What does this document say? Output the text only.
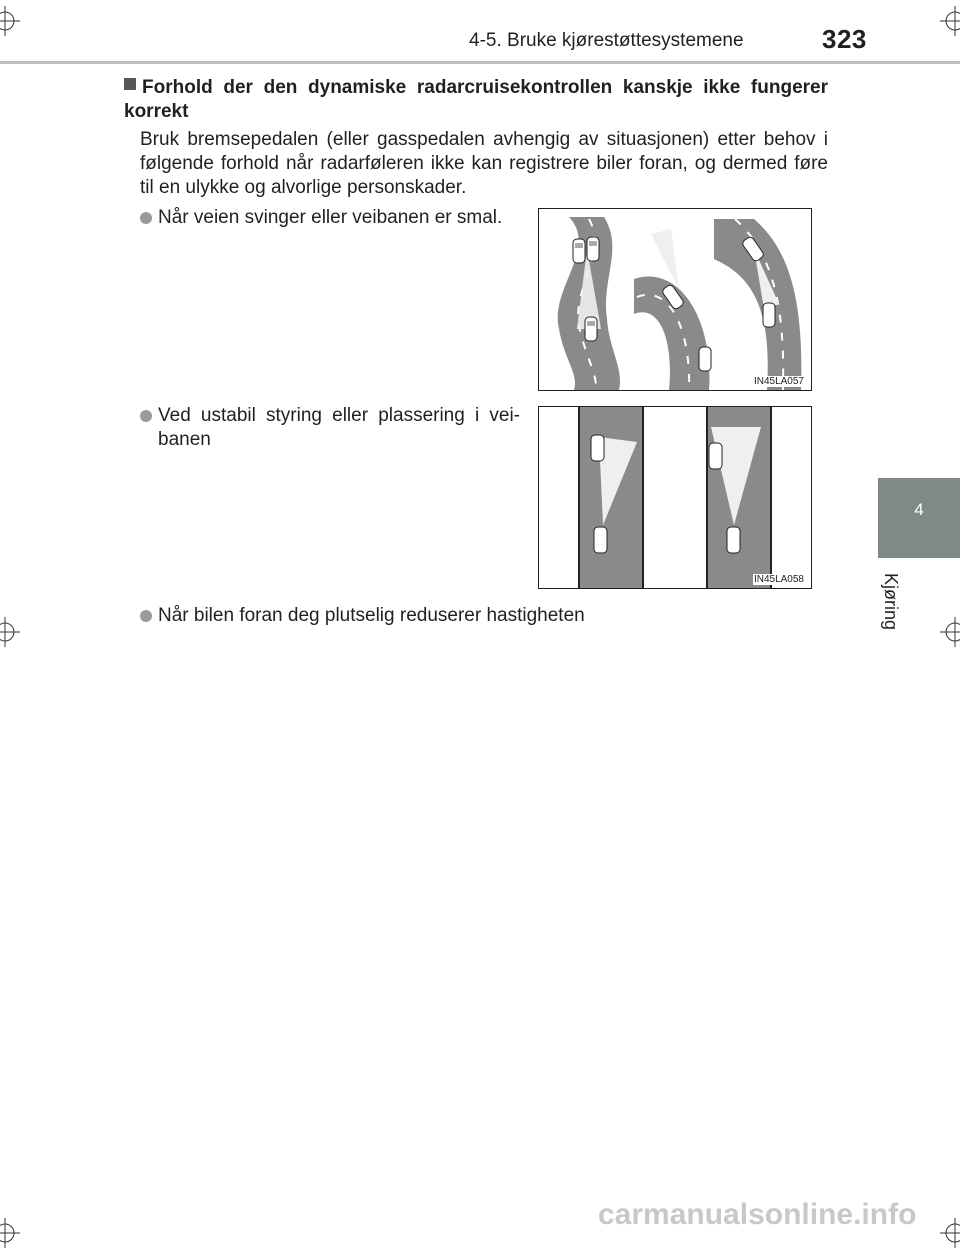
4-5. Bruke kjørestøttesystemene	323
4
Kjøring
Forhold der den dynamiske radarcruisekontrollen kanskje ikke fungerer korrekt
Bruk bremsepedalen (eller gasspedalen avhengig av situasjonen) etter behov i følgende forhold når radarføleren ikke kan registrere biler foran, og dermed føre til en ulykke og alvorlige personskader.
Når veien svinger eller veibanen er smal.
IN45LA057
Ved ustabil styring eller plassering i vei-banen
IN45LA058
Når bilen foran deg plutselig reduserer hastigheten
carmanualsonline.info
